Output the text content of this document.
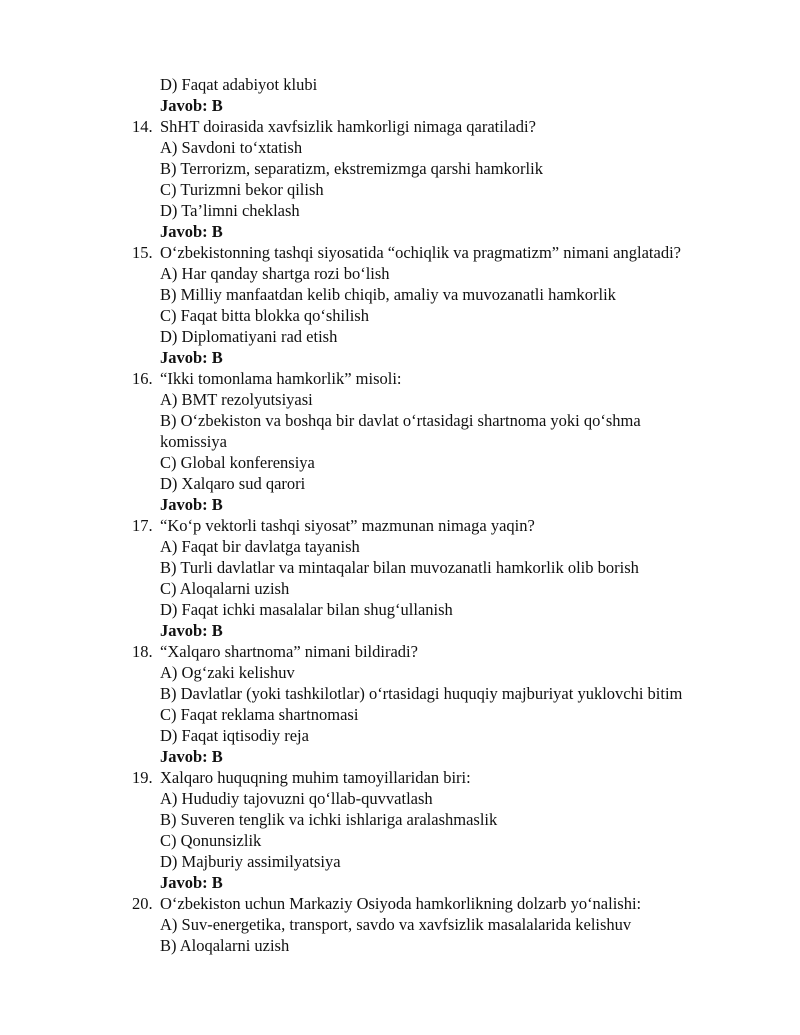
D) Faqat adabiyot klubi
Javob: B
14. ShHT doirasida xavfsizlik hamkorligi nimaga qaratiladi?
A) Savdoni to‘xtatish
B) Terrorizm, separatizm, ekstremizmga qarshi hamkorlik
C) Turizmni bekor qilish
D) Ta’limni cheklash
Javob: B
15. O‘zbekistonning tashqi siyosatida “ochiqlik va pragmatizm” nimani anglatadi?
A) Har qanday shartga rozi bo‘lish
B) Milliy manfaatdan kelib chiqib, amaliy va muvozanatli hamkorlik
C) Faqat bitta blokka qo‘shilish
D) Diplomatiyani rad etish
Javob: B
16. “Ikki tomonlama hamkorlik” misoli:
A) BMT rezolyutsiyasi
B) O‘zbekiston va boshqa bir davlat o‘rtasidagi shartnoma yoki qo‘shma
komissiya
C) Global konferensiya
D) Xalqaro sud qarori
Javob: B
17. “Ko‘p vektorli tashqi siyosat” mazmunan nimaga yaqin?
A) Faqat bir davlatga tayanish
B) Turli davlatlar va mintaqalar bilan muvozanatli hamkorlik olib borish
C) Aloqalarni uzish
D) Faqat ichki masalalar bilan shug‘ullanish
Javob: B
18. “Xalqaro shartnoma” nimani bildiradi?
A) Og‘zaki kelishuv
B) Davlatlar (yoki tashkilotlar) o‘rtasidagi huquqiy majburiyat yuklovchi bitim
C) Faqat reklama shartnomasi
D) Faqat iqtisodiy reja
Javob: B
19. Xalqaro huquqning muhim tamoyillaridan biri:
A) Hududiy tajovuzni qo‘llab-quvvatlash
B) Suveren tenglik va ichki ishlariga aralashmaslik
C) Qonunsizlik
D) Majburiy assimilyatsiya
Javob: B
20. O‘zbekiston uchun Markaziy Osiyoda hamkorlikning dolzarb yo‘nalishi:
A) Suv-energetika, transport, savdo va xavfsizlik masalalarida kelishuv
B) Aloqalarni uzish
